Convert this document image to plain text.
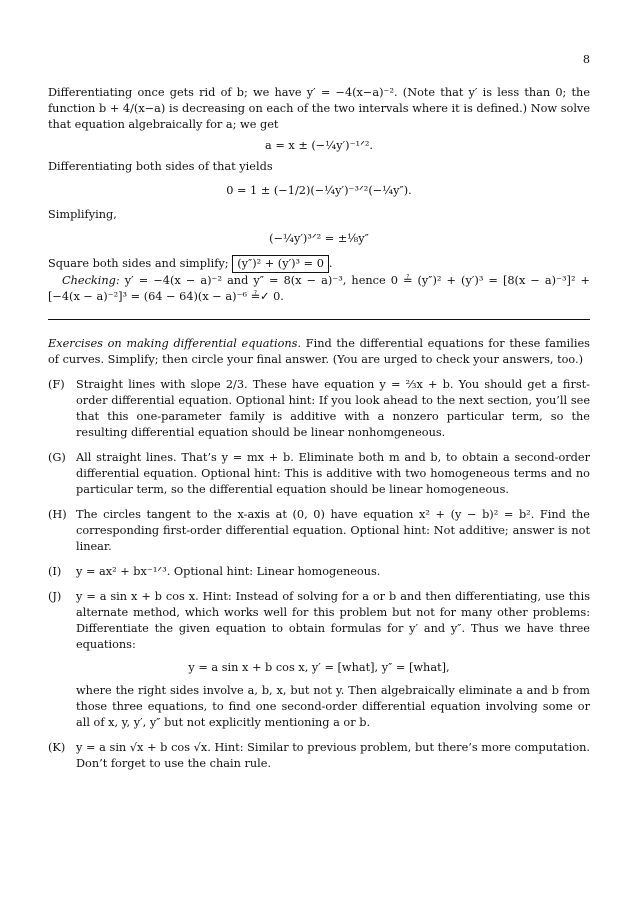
8

Differentiating once gets rid of b; we have y′ = −4(x−a)⁻². (Note that y′ is less than 0; the function b + 4/(x−a) is decreasing on each of the two intervals where it is defined.) Now solve that equation algebraically for a; we get

a = x ± (−¼y′)⁻¹ᐟ².

Differentiating both sides of that yields

0 = 1 ± (−1/2)(−¼y′)⁻³ᐟ²(−¼y″).

Simplifying,

(−¼y′)³ᐟ² = ±⅛y″

Square both sides and simplify; (y″)² + (y′)³ = 0 .

Checking: y′ = −4(x − a)⁻² and y″ = 8(x − a)⁻³, hence 0 ≟ (y″)² + (y′)³ = [8(x − a)⁻³]² + [−4(x − a)⁻²]³ = (64 − 64)(x − a)⁻⁶ ≟✓ 0.

Exercises on making differential equations. Find the differential equations for these families of curves. Simplify; then circle your final answer. (You are urged to check your answers, too.)

(F)	Straight lines with slope 2/3. These have equation y = ⅔x + b. You should get a first-order differential equation. Optional hint: If you look ahead to the next section, you’ll see that this one-parameter family is additive with a nonzero particular term, so the resulting differential equation should be linear nonhomgeneous.
(G) All straight lines. That’s y = mx + b. Eliminate both m and b, to obtain a second-order differential equation. Optional hint: This is additive with two homogeneous terms and no particular term, so the differential equation should be linear homogeneous.
(H) The circles tangent to the x-axis at (0, 0) have equation x² + (y − b)² = b². Find the corresponding first-order differential equation. Optional hint: Not additive; answer is not linear.
(I)	y = ax² + bx⁻¹ᐟ³. Optional hint: Linear homogeneous.
(J)	y = a sin x + b cos x. Hint: Instead of solving for a or b and then differentiating, use this alternate method, which works well for this problem but not for many other problems: Differentiate the given equation to obtain formulas for y′ and y″. Thus we have three equations:

y = a sin x + b cos x, y′ = [what], y″ = [what],

where the right sides involve a, b, x, but not y. Then algebraically eliminate a and b from those three equations, to find one second-order differential equation involving some or all of x, y, y′, y″ but not explicitly mentioning a or b.

(K) y = a sin √x + b cos √x. Hint: Similar to previous problem, but there’s more computation. Don’t forget to use the chain rule.
